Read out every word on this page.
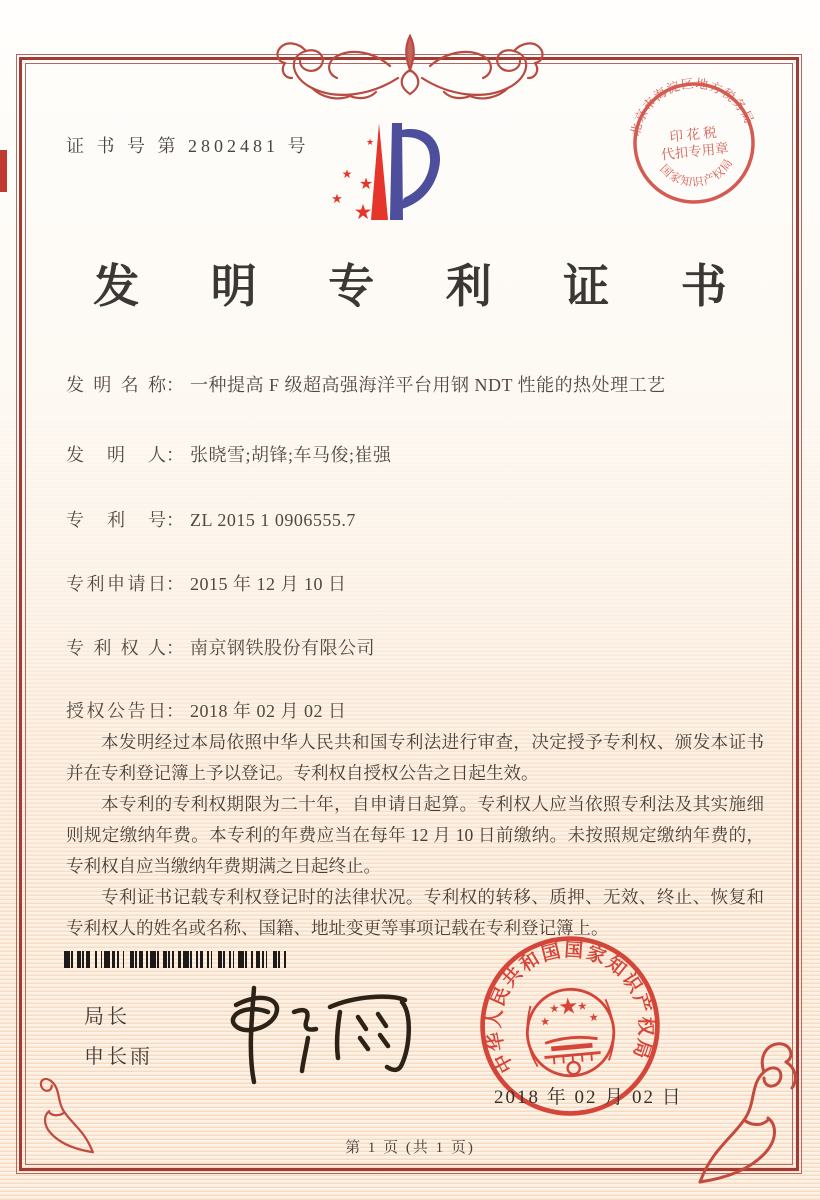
证 书 号 第 2802481 号	★
★ ★
★
★
北京市海淀区地方税务局
国家知识产权局
印 花 税
代扣专用章
发 明 专 利 证 书
发明名称： 一种提高 F 级超高强海洋平台用钢 NDT 性能的热处理工艺
发明人： 张晓雪;胡锋;车马俊;崔强
专利号： ZL 2015 1 0906555.7
专利申请日： 2015 年 12 月 10 日
专利权人： 南京钢铁股份有限公司
授权公告日： 2018 年 02 月 02 日

本发明经过本局依照中华人民共和国专利法进行审查，决定授予专利权、颁发本证书并在专利登记簿上予以登记。专利权自授权公告之日起生效。

本专利的专利权期限为二十年，自申请日起算。专利权人应当依照专利法及其实施细则规定缴纳年费。本专利的年费应当在每年 12 月 10 日前缴纳。未按照规定缴纳年费的，专利权自应当缴纳年费期满之日起终止。

专利证书记载专利权登记时的法律状况。专利权的转移、质押、无效、终止、恢复和专利权人的姓名或名称、国籍、地址变更等事项记载在专利登记簿上。

局长
申长雨	中华人民共和国国家知识产权局
★
★
★ ★
★
2018 年 02 月 02 日
第 1 页 (共 1 页)
